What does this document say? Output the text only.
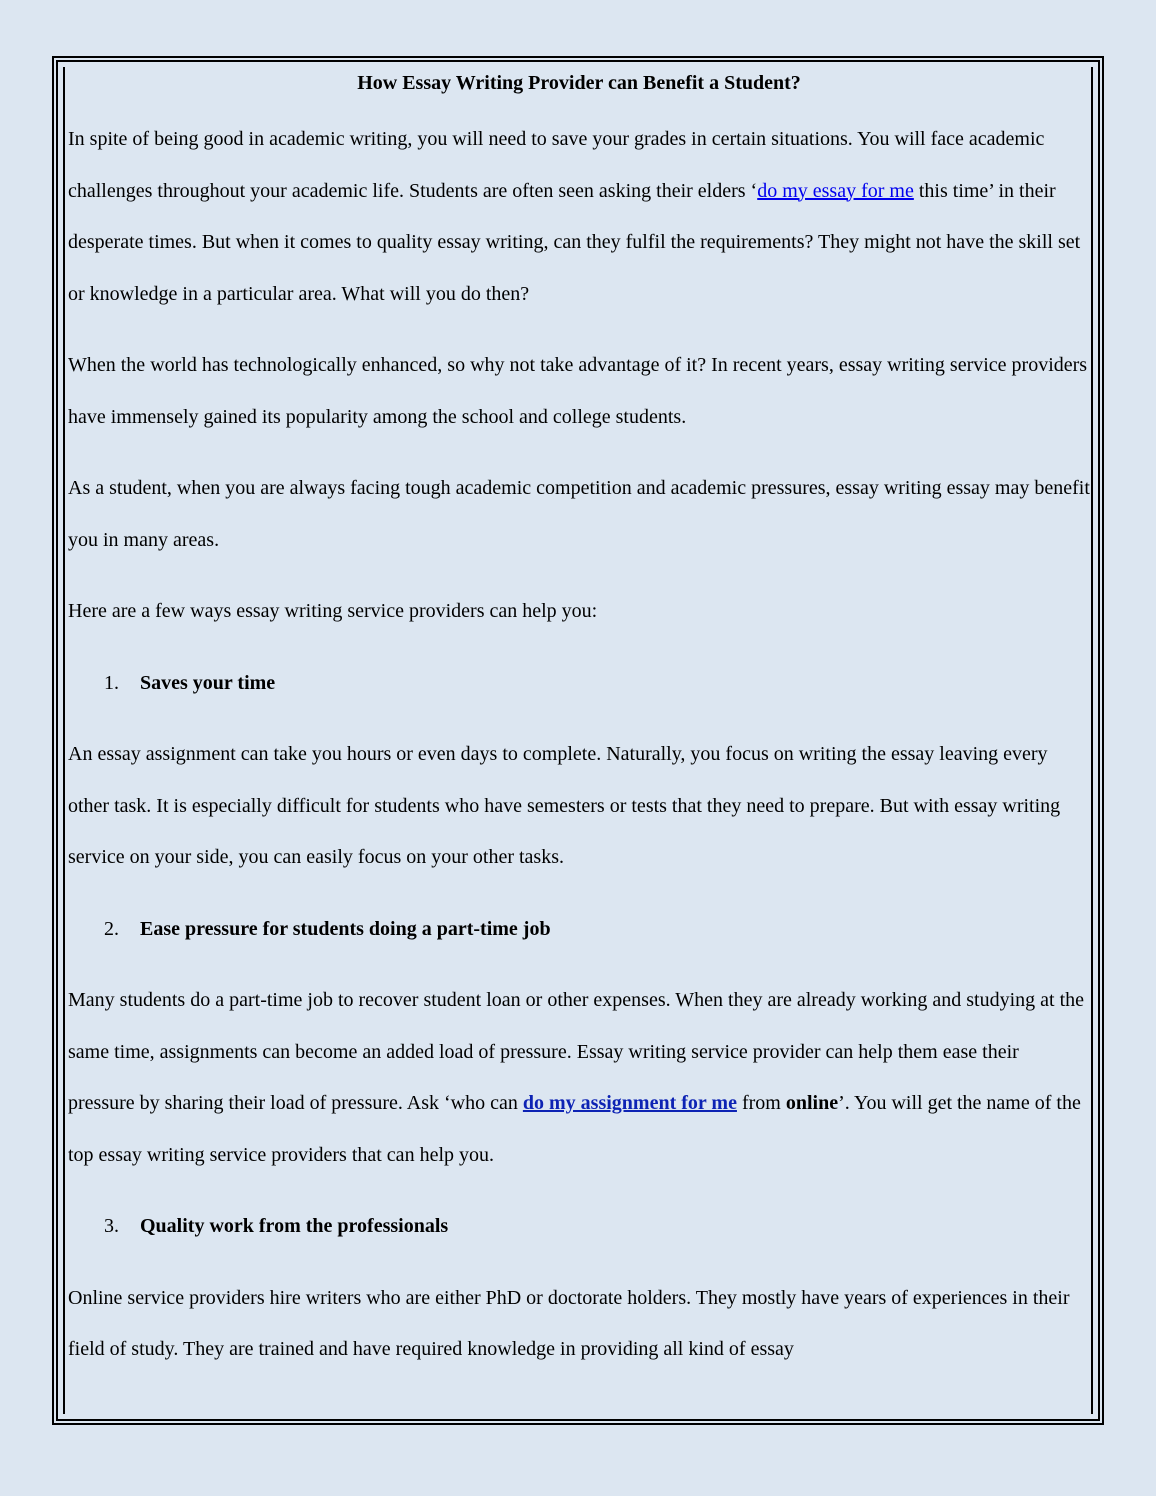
How Essay Writing Provider can Benefit a Student?

In spite of being good in academic writing, you will need to save your grades in certain situations. You will face academic challenges throughout your academic life. Students are often seen asking their elders ‘do my essay for me this time’ in their desperate times. But when it comes to quality essay writing, can they fulfil the requirements? They might not have the skill set or knowledge in a particular area. What will you do then?

When the world has technologically enhanced, so why not take advantage of it? In recent years, essay writing service providers have immensely gained its popularity among the school and college students.

As a student, when you are always facing tough academic competition and academic pressures, essay writing essay may benefit you in many areas.

Here are a few ways essay writing service providers can help you:

1. Saves your time

An essay assignment can take you hours or even days to complete. Naturally, you focus on writing the essay leaving every other task. It is especially difficult for students who have semesters or tests that they need to prepare. But with essay writing service on your side, you can easily focus on your other tasks.

2. Ease pressure for students doing a part-time job

Many students do a part-time job to recover student loan or other expenses. When they are already working and studying at the same time, assignments can become an added load of pressure. Essay writing service provider can help them ease their pressure by sharing their load of pressure. Ask ‘who can do my assignment for me from online’. You will get the name of the top essay writing service providers that can help you.

3. Quality work from the professionals

Online service providers hire writers who are either PhD or doctorate holders. They mostly have years of experiences in their field of study. They are trained and have required knowledge in providing all kind of essay
